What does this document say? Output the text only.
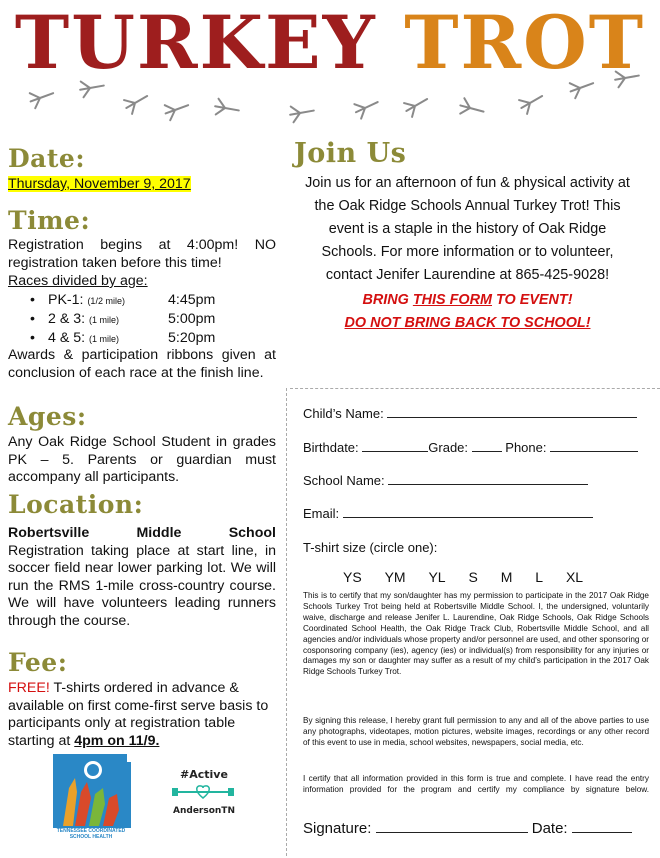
TURKEY TROT
Date:
Thursday, November 9, 2017
Time:
Registration begins at 4:00pm! NO registration taken before this time!
Races divided by age:
• PK-1: (1/2 mile)	4:45pm
• 2 & 3: (1 mile)	5:00pm
• 4 & 5: (1 mile)	5:20pm
Awards & participation ribbons given at conclusion of each race at the finish line.
Ages:
Any Oak Ridge School Student in grades PK – 5. Parents or guardian must accompany all participants.
Location:
Robertsville Middle School
Registration taking place at start line, in soccer field near lower parking lot. We will run the RMS 1-mile cross-country course. We will have volunteers leading runners through the course.
Fee:
FREE! T-shirts ordered in advance & available on first come-first serve basis to participants only at registration table starting at 4pm on 11/9.
TENNESSEE COORDINATED
SCHOOL HEALTH
#Active
AndersonTN
Join Us
Join us for an afternoon of fun & physical activity at the Oak Ridge Schools Annual Turkey Trot! This event is a staple in the history of Oak Ridge Schools. For more information or to volunteer, contact Jenifer Laurendine at 865-425-9028!
BRING THIS FORM TO EVENT!
DO NOT BRING BACK TO SCHOOL!
Child’s Name:
Birthdate:	Grade:	Phone:
School Name:
Email:
T-shirt size (circle one):
YS YM YL S M L XL
This is to certify that my son/daughter has my permission to participate in the 2017 Oak Ridge Schools Turkey Trot being held at Robertsville Middle School. I, the undersigned, voluntarily waive, discharge and release Jenifer L. Laurendine, Oak Ridge Schools, Oak Ridge Schools Coordinated School Health, the Oak Ridge Track Club, Robertsville Middle School, and all agencies and/or individuals whose property and/or personnel are used, and other sponsoring or cosponsoring company (ies), agency (ies) or individual(s) from responsibility for any injuries or damages my son or daughter may suffer as a result of my child’s participation in the 2017 Oak Ridge Schools Turkey Trot.
By signing this release, I hereby grant full permission to any and all of the above parties to use any photographs, videotapes, motion pictures, website images, recordings or any other record of this event to use in media, school websites, newspapers, social media, etc.
I certify that all information provided in this form is true and complete. I have read the entry information provided for the program and certify my compliance by signature below.
Signature:	Date:
